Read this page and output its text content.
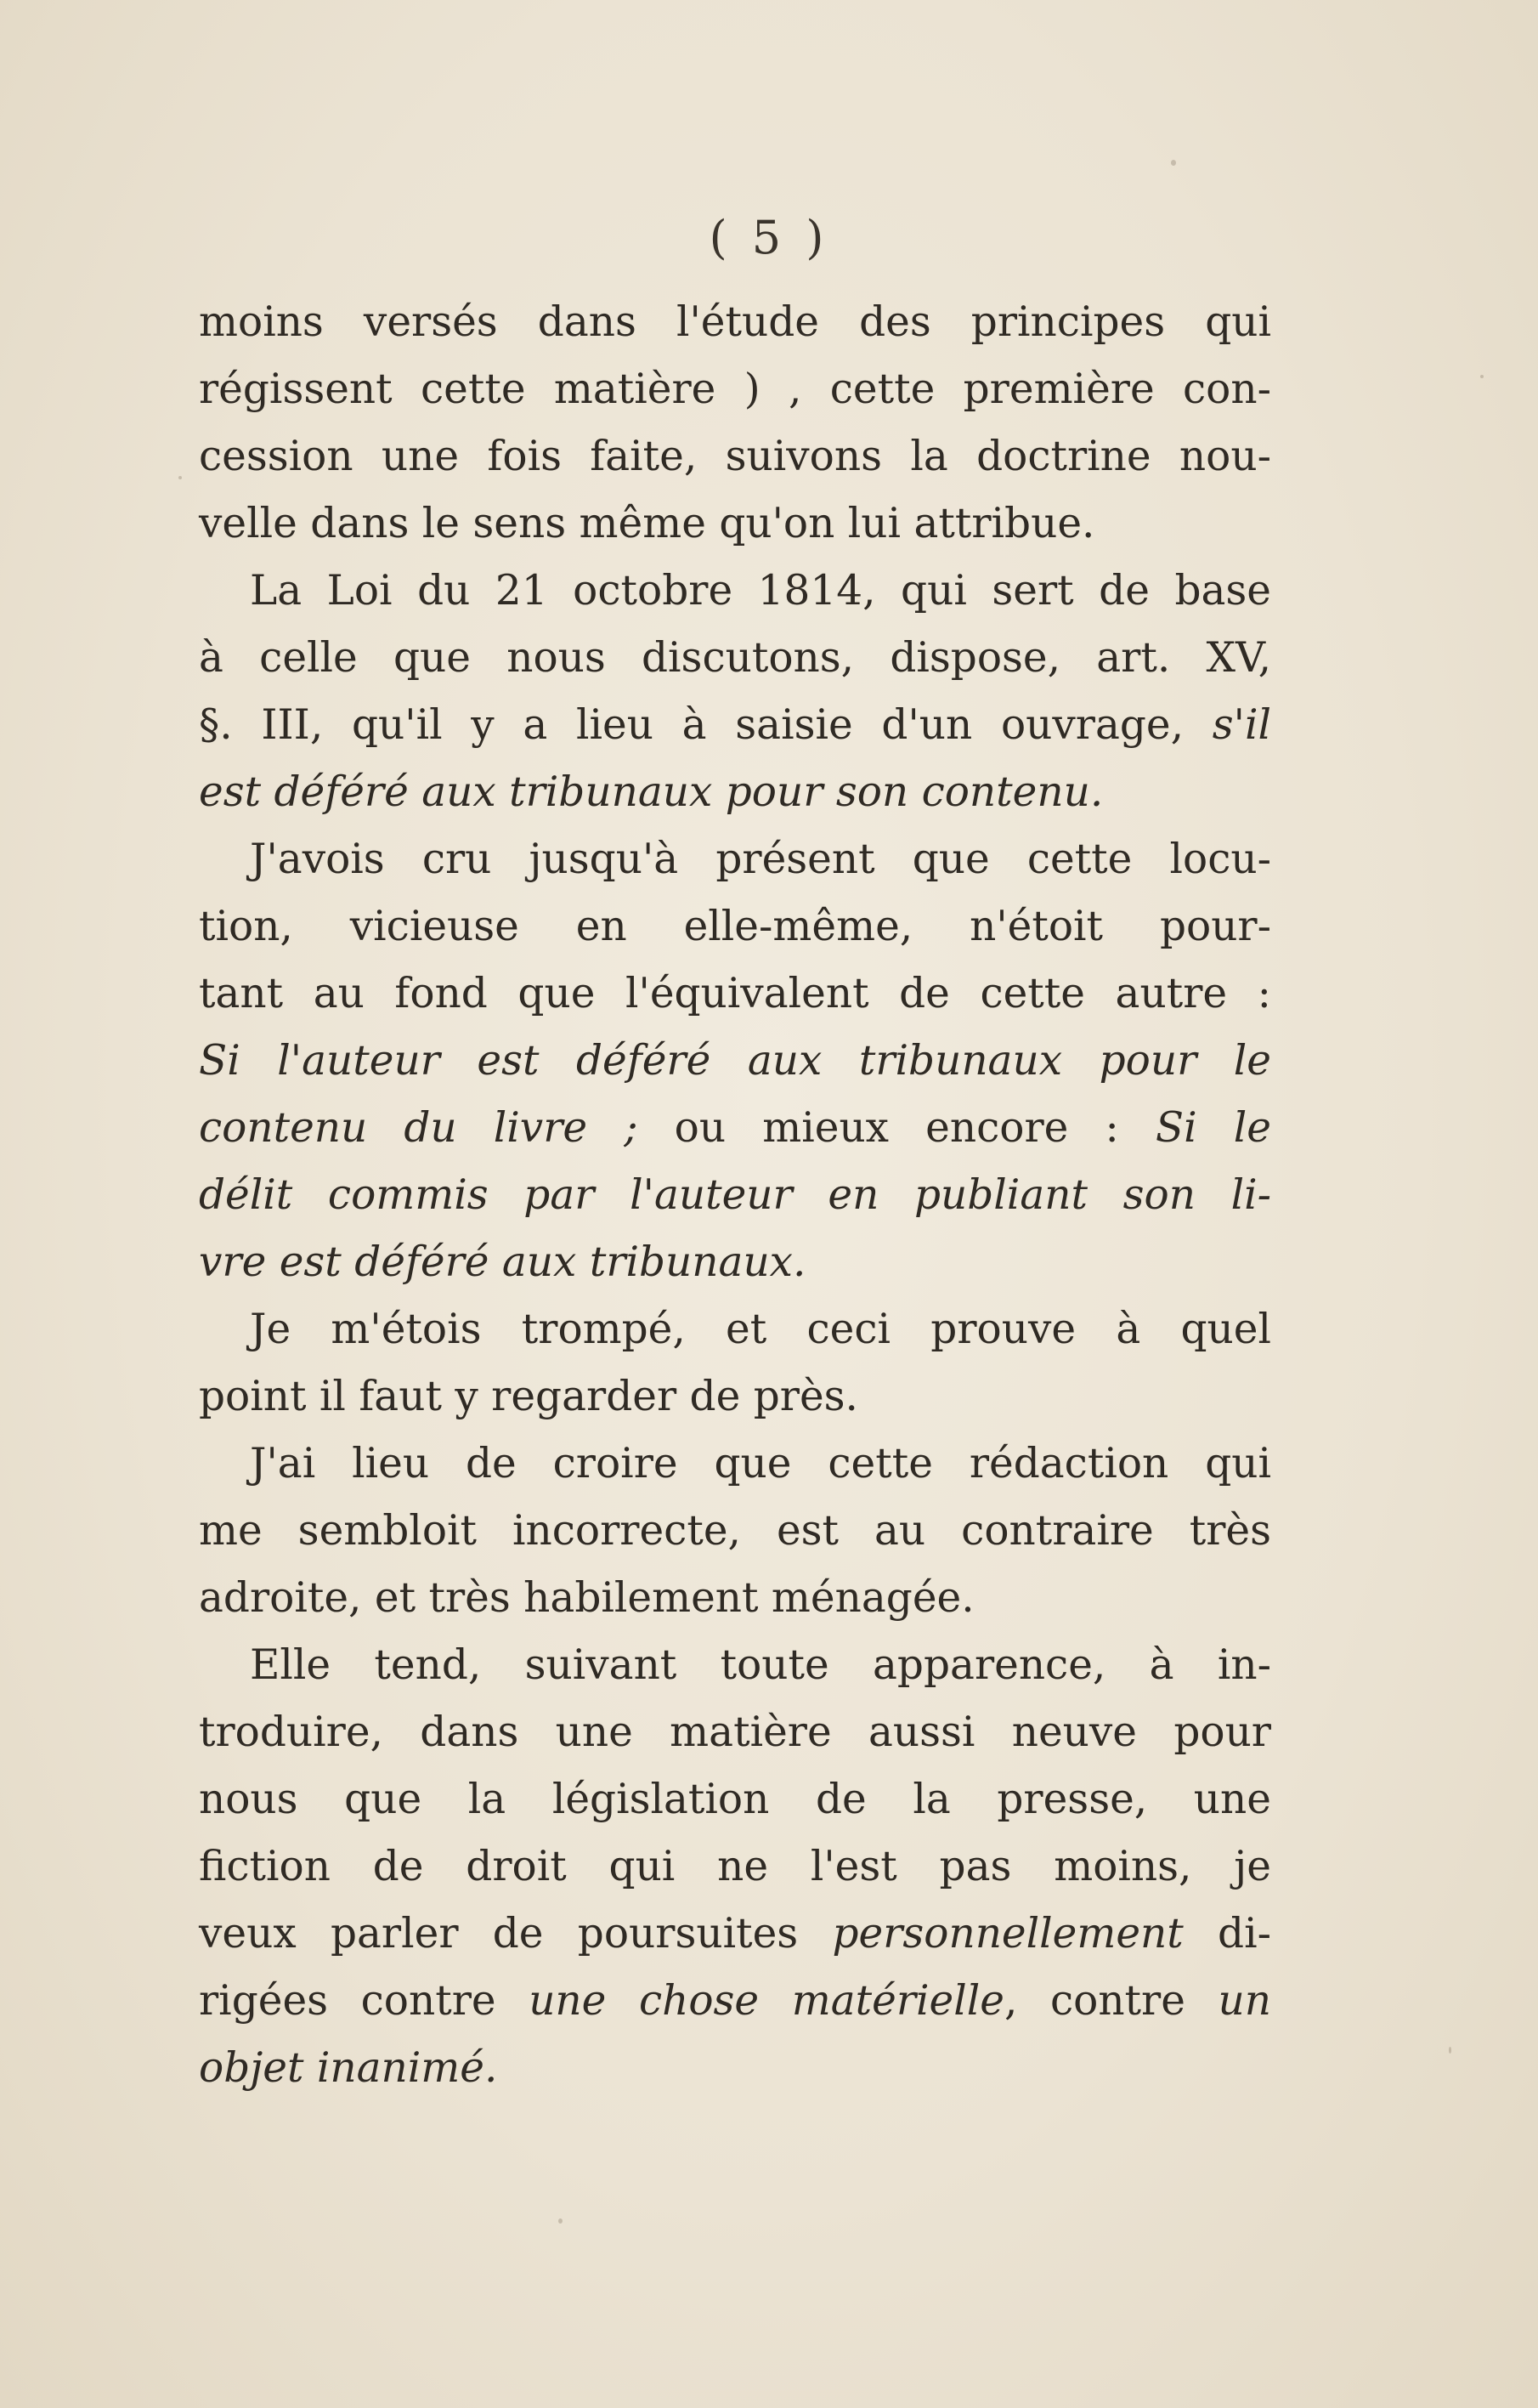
( 5 )
moins versés dans l'étude des principes qui
régissent cette matière ) , cette première con-
cession une fois faite, suivons la doctrine nou-
velle dans le sens même qu'on lui attribue.
La Loi du 21 octobre 1814, qui sert de base
à celle que nous discutons, dispose, art. XV,
§. III, qu'il y a lieu à saisie d'un ouvrage, s'il
est déféré aux tribunaux pour son contenu.
J'avois cru jusqu'à présent que cette locu-
tion, vicieuse en elle-même, n'étoit pour-
tant au fond que l'équivalent de cette autre :
Si l'auteur est déféré aux tribunaux pour le
contenu du livre ; ou mieux encore : Si le
délit commis par l'auteur en publiant son li-
vre est déféré aux tribunaux.
Je m'étois trompé, et ceci prouve à quel
point il faut y regarder de près.
J'ai lieu de croire que cette rédaction qui
me sembloit incorrecte, est au contraire très
adroite, et très habilement ménagée.
Elle tend, suivant toute apparence, à in-
troduire, dans une matière aussi neuve pour
nous que la législation de la presse, une
fiction de droit qui ne l'est pas moins, je
veux parler de poursuites personnellement di-
rigées contre une chose matérielle, contre un
objet inanimé.
